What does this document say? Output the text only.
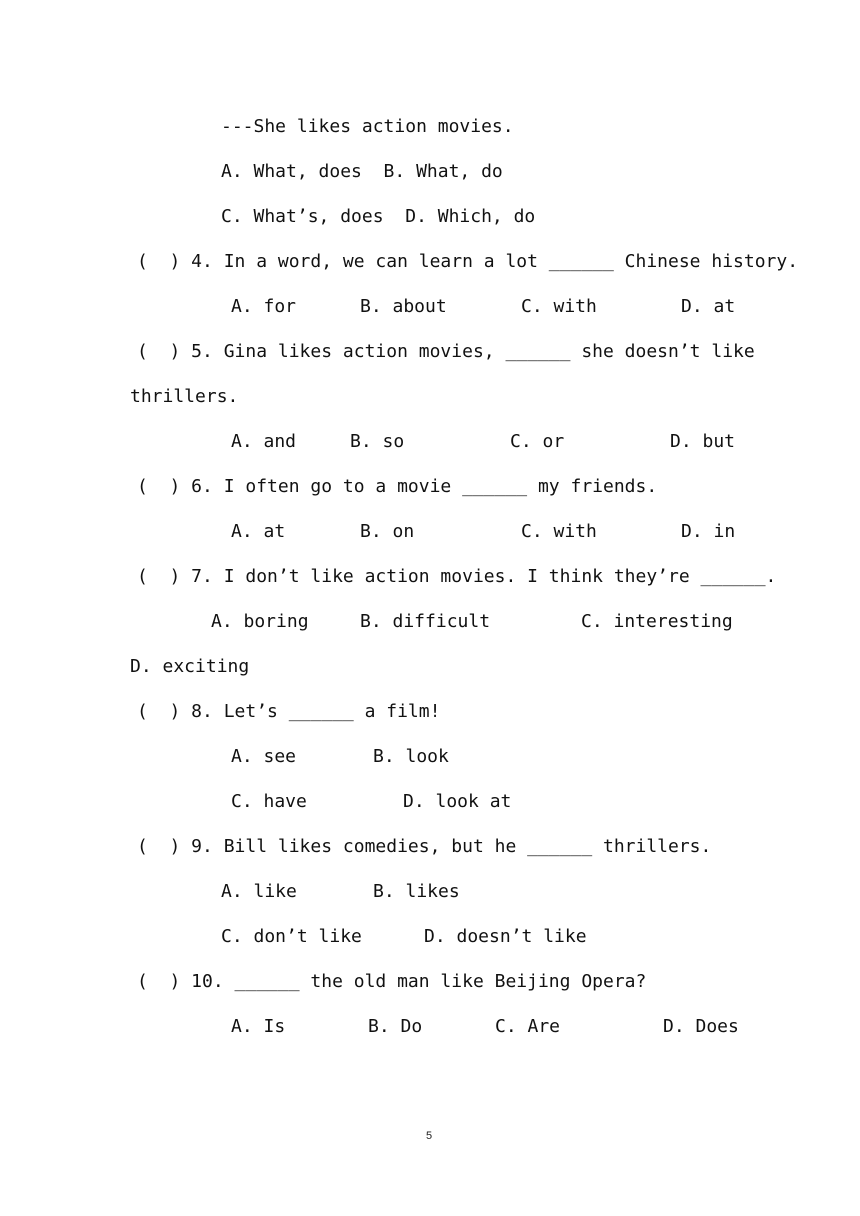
---She likes action movies.
A. What, does  B. What, do
C. What’s, does  D. Which, do
(  ) 4. In a word, we can learn a lot ______ Chinese history.
A. for	B. about	C. with	D. at
(  ) 5. Gina likes action movies, ______ she doesn’t like
thrillers.
A. and	B. so	C. or	D. but
(  ) 6. I often go to a movie ______ my friends.
A. at	B. on	C. with	D. in
(  ) 7. I don’t like action movies. I think they’re ______.
A. boring	B. difficult	C. interesting
D. exciting
(  ) 8. Let’s ______ a film!
A. see	B. look
C. have	D. look at
(  ) 9. Bill likes comedies, but he ______ thrillers.
A. like	B. likes
C. don’t like	D. doesn’t like
(  ) 10. ______ the old man like Beijing Opera?
A. Is	B. Do	C. Are	D. Does
5
